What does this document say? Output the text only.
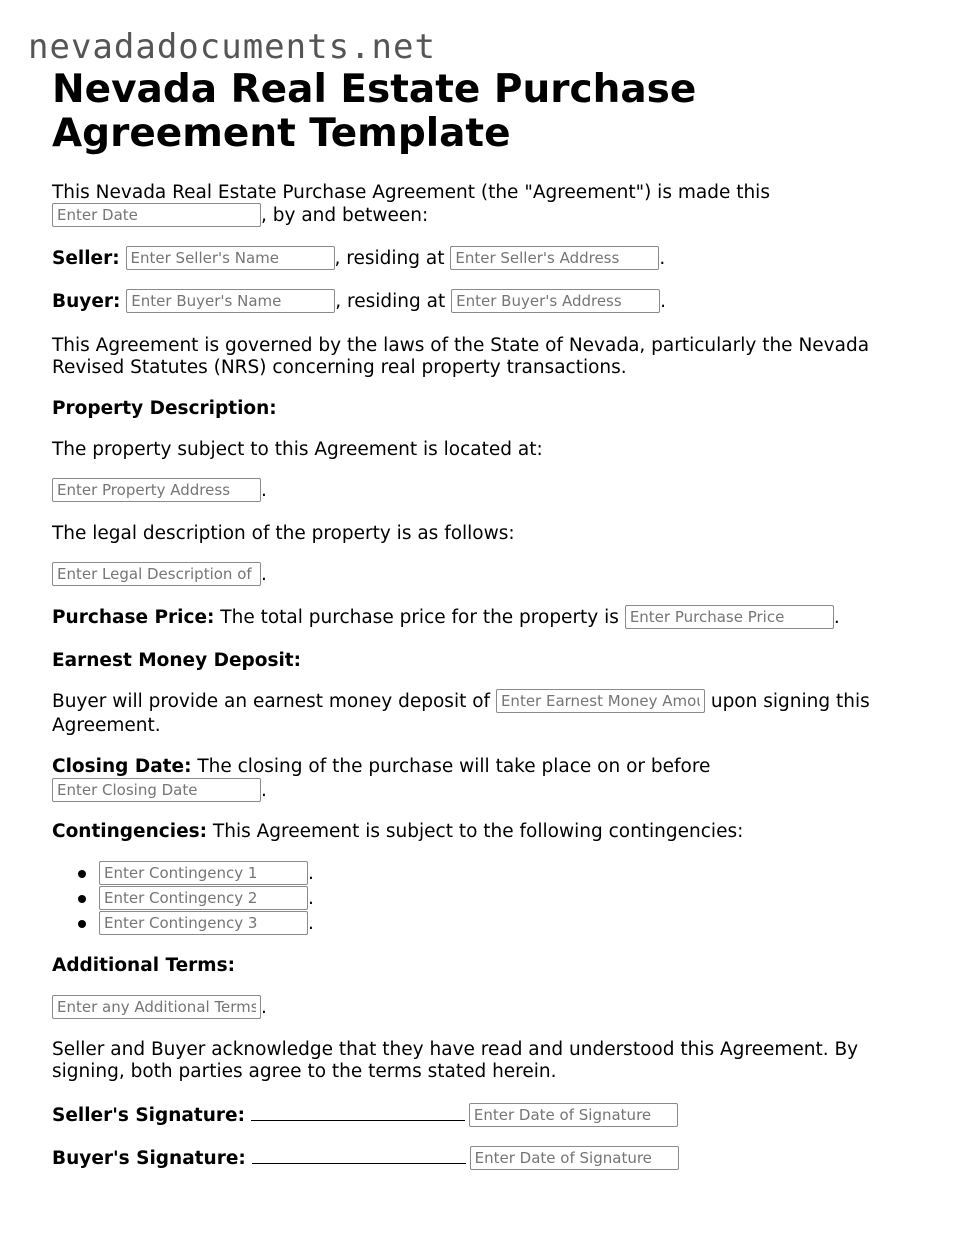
nevadadocuments.net
Nevada Real Estate Purchase Agreement Template
This Nevada Real Estate Purchase Agreement (the "Agreement") is made this
Enter Date, by and between:
Seller: Enter Seller's Name	, residing at Enter Seller's Address	.
Buyer: Enter Buyer's Name	, residing at Enter Buyer's Address	.
This Agreement is governed by the laws of the State of Nevada, particularly the Nevada
Revised Statutes (NRS) concerning real property transactions.
Property Description:
The property subject to this Agreement is located at:
Enter Property Address.
The legal description of the property is as follows:
Enter Legal Description of.
Purchase Price: The total purchase price for the property is Enter Purchase Price	.
Earnest Money Deposit:
Buyer will provide an earnest money deposit of Enter Earnest Money Amou	upon signing this
Agreement.
Closing Date: The closing of the purchase will take place on or before
Enter Closing Date.
Contingencies: This Agreement is subject to the following contingencies:
Enter Contingency 1.
Enter Contingency 2.
Enter Contingency 3.
Additional Terms:
Enter any Additional Terms.
Seller and Buyer acknowledge that they have read and understood this Agreement. By
signing, both parties agree to the terms stated herein.
Seller's Signature: Enter Date of Signature
Buyer's Signature: Enter Date of Signature
